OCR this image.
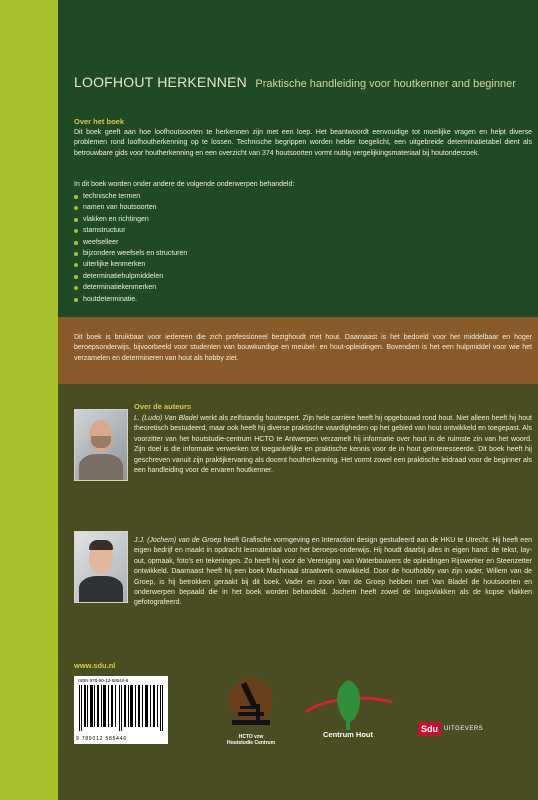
LOOFHOUT HERKENNEN Praktische handleiding voor houtkenner and beginner
Over het boek
Dit boek geeft aan hoe loofhoutsoorten te herkennen zijn met een loep. Het beantwoordt eenvoudige tot moeilijke vragen en helpt diverse problemen rond loofhoutherkenning op te lossen. Technische begrippen worden helder toegelicht, een uitgebreide determinatietabel dient als betrouwbare gids voor houtherkenning en een overzicht van 374 houtsoorten vormt nuttig vergelijkingsmateriaal bij houtonderzoek.
In dit boek worden onder andere de volgende onderwerpen behandeld:
technische termen
namen van houtsoorten
vlakken en richtingen
stamstructuur
weefselleer
bijzondere weefsels en structuren
uiterlijke kenmerken
determinatiehulpmiddelen
determinatiekenmerken
houtdeterminatie.
Dit boek is bruikbaar voor iedereen die zich professioneel bezighoudt met hout. Daarnaast is het bedoeld voor het middelbaar en hoger beroepsonderwijs, bijvoorbeeld voor studenten van bouwkundige en meubel- en hout-opleidingen. Bovendien is het een hulpmiddel voor wie het verzamelen en determineren van hout als hobby ziet.
Over de auteurs
L. (Ludo) Van Bladel werkt als zelfstandig houtexpert. Zijn hele carrière heeft hij opgebouwd rond hout. Niet alleen heeft hij hout theoretisch bestudeerd, maar ook heeft hij diverse praktische vaardigheden op het gebied van hout ontwikkeld en toegepast. Als voorzitter van het houtstudie-centrum HCTO te Antwerpen verzamelt hij informatie over hout in de ruimste zin van het woord. Zijn doel is die informatie verwerken tot toegankelijke en praktische kennis voor de in hout geïnteresseerde. Dit boek heeft hij geschreven vanuit zijn praktijkervaring als docent houtherkenning. Het vormt zowel een praktische leidraad voor de beginner als een handleiding voor de ervaren houtkenner.
J.J. (Jochem) van de Groep heeft Grafische vormgeving en Interaction design gestudeerd aan de HKU te Utrecht. Hij heeft een eigen bedrijf en maakt in opdracht lesmateriaal voor het beroeps-onderwijs. Hij houdt daarbij alles in eigen hand: de tekst, lay-out, opmaak, foto's en tekeningen. Zo heeft hij voor de Vereniging van Waterbouwers de opleidingen Rijswerker en Steenzetter ontwikkeld. Daarnaast heeft hij een boek Machinaal straatwerk ontwikkeld. Door de houthobby van zijn vader, Willem van de Groep, is hij betrokken geraakt bij dit boek. Vader en zoon Van de Groep hebben met Van Bladel de houtsoorten en onderwerpen bepaald die in het boek worden behandeld. Jochem heeft zowel de langsvlakken als de kopse vlakken gefotografeerd.
www.sdu.nl
ISBN 978-90-12-58544-6
9 789012 585446	HCTO vzw
Houtstudie Centrum
Centrum Hout
Sdu	UITGEVERS
